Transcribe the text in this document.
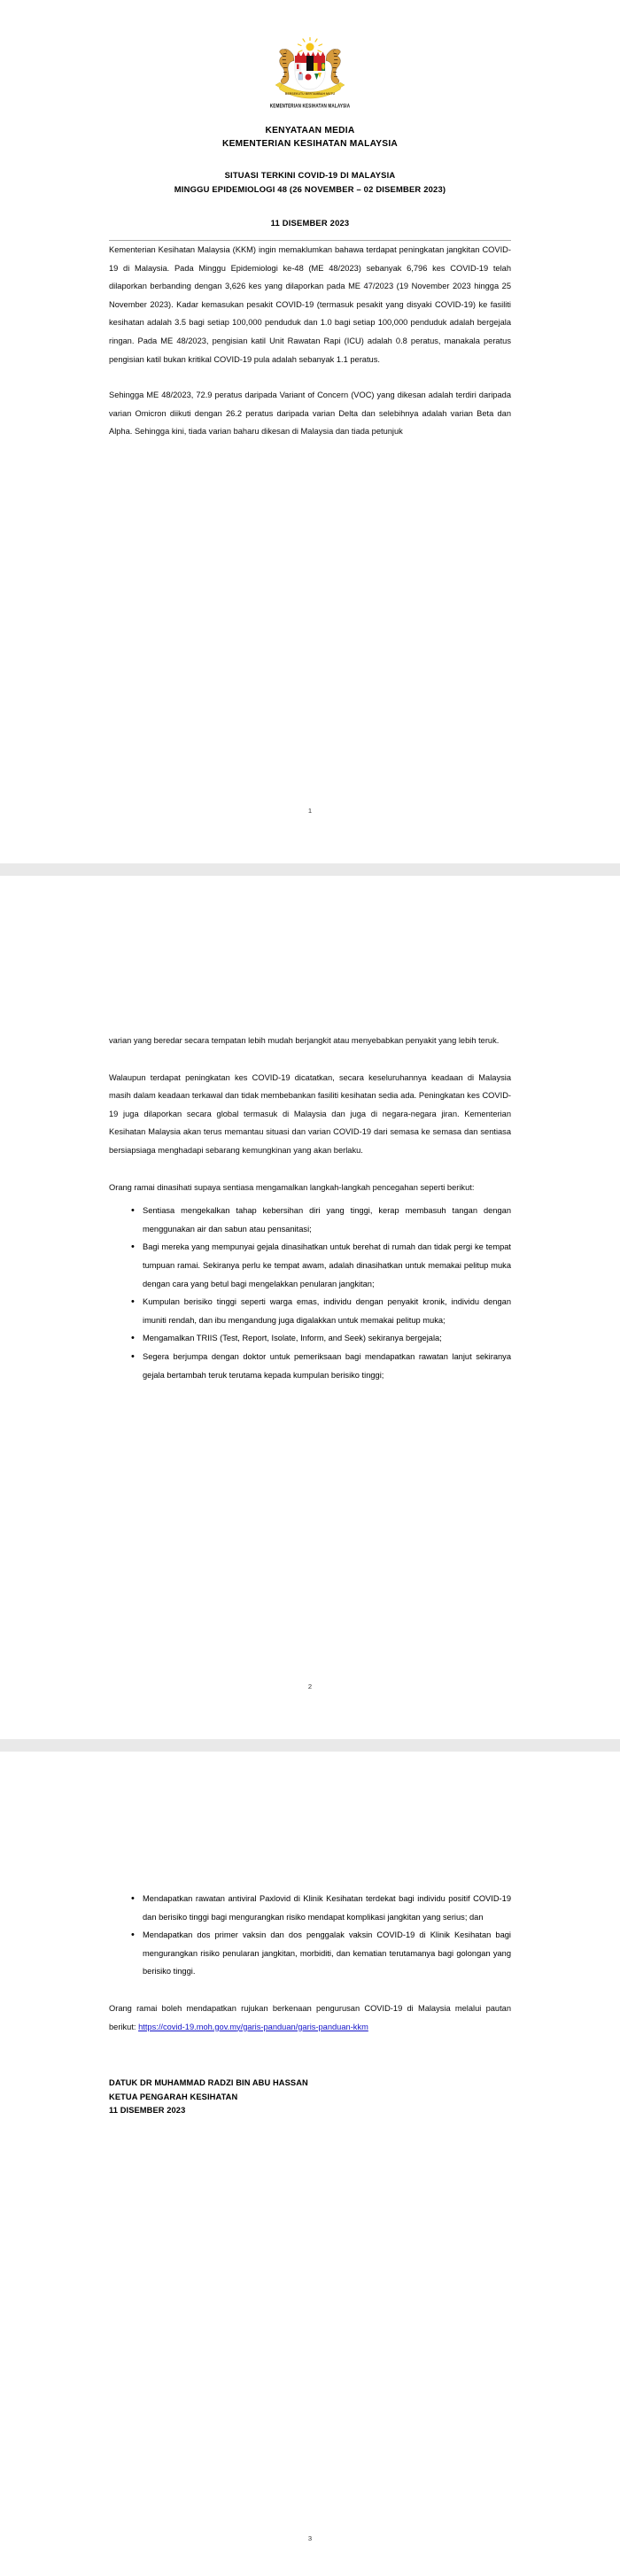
BERSEKUTU BERTAMBAH MUTU
KEMENTERIAN KESIHATAN MALAYSIA
KENYATAAN MEDIA
KEMENTERIAN KESIHATAN MALAYSIA
SITUASI TERKINI COVID-19 DI MALAYSIA
MINGGU EPIDEMIOLOGI 48 (26 NOVEMBER – 02 DISEMBER 2023)
11 DISEMBER 2023

Kementerian Kesihatan Malaysia (KKM) ingin memaklumkan bahawa terdapat peningkatan jangkitan COVID-19 di Malaysia. Pada Minggu Epidemiologi ke-48 (ME 48/2023) sebanyak 6,796 kes COVID-19 telah dilaporkan berbanding dengan 3,626 kes yang dilaporkan pada ME 47/2023 (19 November 2023 hingga 25 November 2023). Kadar kemasukan pesakit COVID-19 (termasuk pesakit yang disyaki COVID-19) ke fasiliti kesihatan adalah 3.5 bagi setiap 100,000 penduduk dan 1.0 bagi setiap 100,000 penduduk adalah bergejala ringan. Pada ME 48/2023, pengisian katil Unit Rawatan Rapi (ICU) adalah 0.8 peratus, manakala peratus pengisian katil bukan kritikal COVID-19 pula adalah sebanyak 1.1 peratus.

Sehingga ME 48/2023, 72.9 peratus daripada Variant of Concern (VOC) yang dikesan adalah terdiri daripada varian Omicron diikuti dengan 26.2 peratus daripada varian Delta dan selebihnya adalah varian Beta dan Alpha. Sehingga kini, tiada varian baharu dikesan di Malaysia dan tiada petunjuk

1

varian yang beredar secara tempatan lebih mudah berjangkit atau menyebabkan penyakit yang lebih teruk.

Walaupun terdapat peningkatan kes COVID-19 dicatatkan, secara keseluruhannya keadaan di Malaysia masih dalam keadaan terkawal dan tidak membebankan fasiliti kesihatan sedia ada. Peningkatan kes COVID-19 juga dilaporkan secara global termasuk di Malaysia dan juga di negara-negara jiran. Kementerian Kesihatan Malaysia akan terus memantau situasi dan varian COVID-19 dari semasa ke semasa dan sentiasa bersiapsiaga menghadapi sebarang kemungkinan yang akan berlaku.

Orang ramai dinasihati supaya sentiasa mengamalkan langkah-langkah pencegahan seperti berikut:

• Sentiasa mengekalkan tahap kebersihan diri yang tinggi, kerap membasuh tangan dengan menggunakan air dan sabun atau pensanitasi;
• Bagi mereka yang mempunyai gejala dinasihatkan untuk berehat di rumah dan tidak pergi ke tempat tumpuan ramai. Sekiranya perlu ke tempat awam, adalah dinasihatkan untuk memakai pelitup muka dengan cara yang betul bagi mengelakkan penularan jangkitan;
• Kumpulan berisiko tinggi seperti warga emas, individu dengan penyakit kronik, individu dengan imuniti rendah, dan ibu mengandung juga digalakkan untuk memakai pelitup muka;
• Mengamalkan TRIIS (Test, Report, Isolate, Inform, and Seek) sekiranya bergejala;
• Segera berjumpa dengan doktor untuk pemeriksaan bagi mendapatkan rawatan lanjut sekiranya gejala bertambah teruk terutama kepada kumpulan berisiko tinggi;
2
• Mendapatkan rawatan antiviral Paxlovid di Klinik Kesihatan terdekat bagi individu positif COVID-19 dan berisiko tinggi bagi mengurangkan risiko mendapat komplikasi jangkitan yang serius; dan
• Mendapatkan dos primer vaksin dan dos penggalak vaksin COVID-19 di Klinik Kesihatan bagi mengurangkan risiko penularan jangkitan, morbiditi, dan kematian terutamanya bagi golongan yang berisiko tinggi.

Orang ramai boleh mendapatkan rujukan berkenaan pengurusan COVID-19 di Malaysia melalui pautan berikut: https://covid-19.moh.gov.my/garis-panduan/garis-panduan-kkm

DATUK DR MUHAMMAD RADZI BIN ABU HASSAN
KETUA PENGARAH KESIHATAN
11 DISEMBER 2023
3
